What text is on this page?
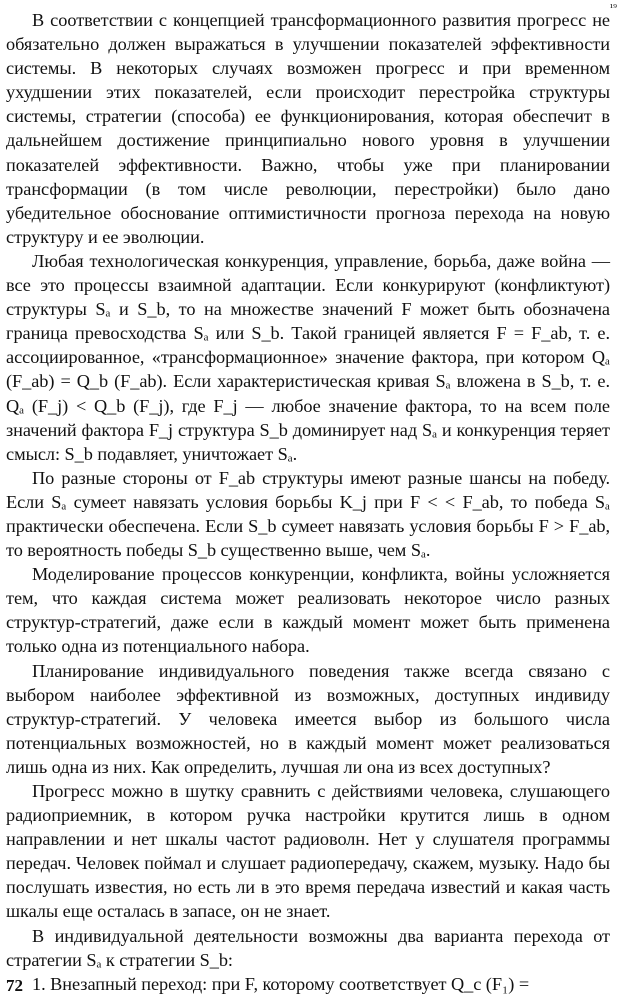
¹⁹

В соответствии с концепцией трансформационного развития прогресс не обязательно должен выражаться в улучшении показателей эффективности системы. В некоторых случаях возможен прогресс и при временном ухудшении этих показателей, если происходит перестройка структуры системы, стратегии (способа) ее функционирования, которая обеспечит в дальнейшем достижение принципиально нового уровня в улучшении показателей эффективности. Важно, чтобы уже при планировании трансформации (в том числе революции, перестройки) было дано убедительное обоснование оптимистичности прогноза перехода на новую структуру и ее эволюции.

Любая технологическая конкуренция, управление, борьба, даже война — все это процессы взаимной адаптации. Если конкурируют (конфликтуют) структуры Sₐ и S_b, то на множестве значений F может быть обозначена граница превосходства Sₐ или S_b. Такой границей является F = F_ab, т. е. ассоциированное, «трансформационное» значение фактора, при котором Qₐ (F_ab) = Q_b (F_ab). Если характеристическая кривая Sₐ вложена в S_b, т. е. Qₐ (F_j) < Q_b (F_j), где F_j — любое значение фактора, то на всем поле значений фактора F_j структура S_b доминирует над Sₐ и конкуренция теряет смысл: S_b подавляет, уничтожает Sₐ.

По разные стороны от F_ab структуры имеют разные шансы на победу. Если Sₐ сумеет навязать условия борьбы K_j при F < < F_ab, то победа Sₐ практически обеспечена. Если S_b сумеет навязать условия борьбы F > F_ab, то вероятность победы S_b существенно выше, чем Sₐ.

Моделирование процессов конкуренции, конфликта, войны усложняется тем, что каждая система может реализовать некоторое число разных структур-стратегий, даже если в каждый момент может быть применена только одна из потенциального набора.

Планирование индивидуального поведения также всегда связано с выбором наиболее эффективной из возможных, доступных индивиду структур-стратегий. У человека имеется выбор из большого числа потенциальных возможностей, но в каждый момент может реализоваться лишь одна из них. Как определить, лучшая ли она из всех доступных?

Прогресс можно в шутку сравнить с действиями человека, слушающего радиоприемник, в котором ручка настройки крутится лишь в одном направлении и нет шкалы частот радиоволн. Нет у слушателя программы передач. Человек поймал и слушает радиопередачу, скажем, музыку. Надо бы послушать известия, но есть ли в это время передача известий и какая часть шкалы еще осталась в запасе, он не знает.

В индивидуальной деятельности возможны два варианта перехода от стратегии Sₐ к стратегии S_b:

1. Внезапный переход: при F, которому соответствует Q_c (F₁) =

72
